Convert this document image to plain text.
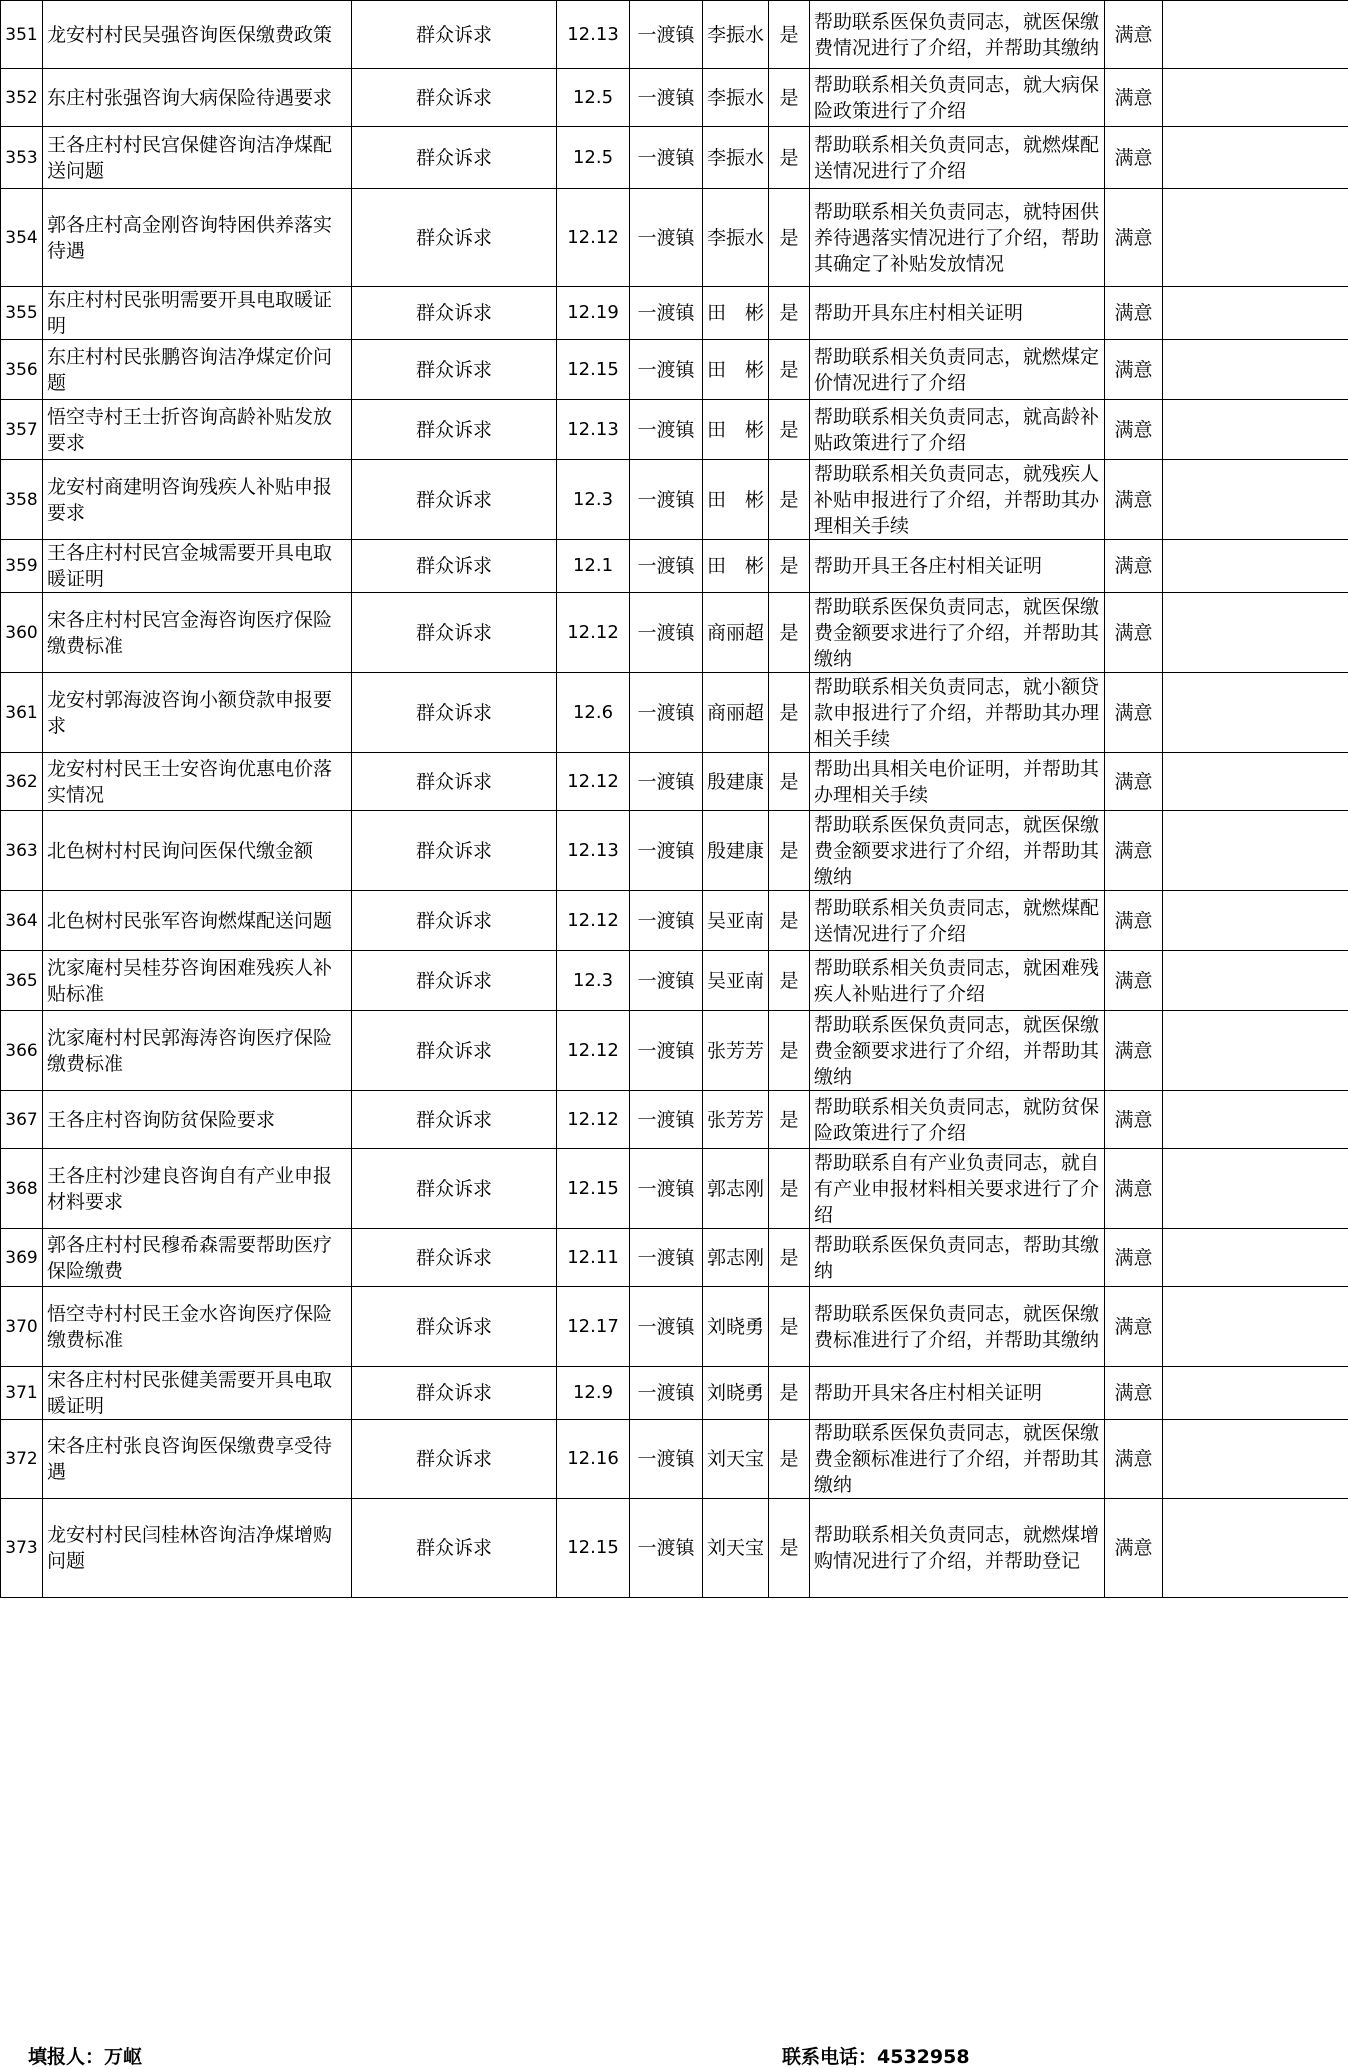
351	龙安村村民吴强咨询医保缴费政策	群众诉求	12.13	一渡镇	李振水	是	帮助联系医保负责同志，就医保缴费情况进行了介绍，并帮助其缴纳	满意	
352	东庄村张强咨询大病保险待遇要求	群众诉求	12.5	一渡镇	李振水	是	帮助联系相关负责同志，就大病保险政策进行了介绍	满意	
353	王各庄村村民宫保健咨询洁净煤配送问题	群众诉求	12.5	一渡镇	李振水	是	帮助联系相关负责同志，就燃煤配送情况进行了介绍	满意	
354	郭各庄村高金刚咨询特困供养落实待遇	群众诉求	12.12	一渡镇	李振水	是	帮助联系相关负责同志，就特困供养待遇落实情况进行了介绍，帮助其确定了补贴发放情况	满意	
355	东庄村村民张明需要开具电取暖证明	群众诉求	12.19	一渡镇	田　彬	是	帮助开具东庄村相关证明	满意	
356	东庄村村民张鹏咨询洁净煤定价问题	群众诉求	12.15	一渡镇	田　彬	是	帮助联系相关负责同志，就燃煤定价情况进行了介绍	满意	
357	悟空寺村王士折咨询高龄补贴发放要求	群众诉求	12.13	一渡镇	田　彬	是	帮助联系相关负责同志，就高龄补贴政策进行了介绍	满意	
358	龙安村商建明咨询残疾人补贴申报要求	群众诉求	12.3	一渡镇	田　彬	是	帮助联系相关负责同志，就残疾人补贴申报进行了介绍，并帮助其办理相关手续	满意	
359	王各庄村村民宫金城需要开具电取暖证明	群众诉求	12.1	一渡镇	田　彬	是	帮助开具王各庄村相关证明	满意	
360	宋各庄村村民宫金海咨询医疗保险缴费标准	群众诉求	12.12	一渡镇	商丽超	是	帮助联系医保负责同志，就医保缴费金额要求进行了介绍，并帮助其缴纳	满意	
361	龙安村郭海波咨询小额贷款申报要求	群众诉求	12.6	一渡镇	商丽超	是	帮助联系相关负责同志，就小额贷款申报进行了介绍，并帮助其办理相关手续	满意	
362	龙安村村民王士安咨询优惠电价落实情况	群众诉求	12.12	一渡镇	殷建康	是	帮助出具相关电价证明，并帮助其办理相关手续	满意	
363	北色树村村民询问医保代缴金额	群众诉求	12.13	一渡镇	殷建康	是	帮助联系医保负责同志，就医保缴费金额要求进行了介绍，并帮助其缴纳	满意	
364	北色树村民张军咨询燃煤配送问题	群众诉求	12.12	一渡镇	吴亚南	是	帮助联系相关负责同志，就燃煤配送情况进行了介绍	满意	
365	沈家庵村吴桂芬咨询困难残疾人补贴标准	群众诉求	12.3	一渡镇	吴亚南	是	帮助联系相关负责同志，就困难残疾人补贴进行了介绍	满意	
366	沈家庵村村民郭海涛咨询医疗保险缴费标准	群众诉求	12.12	一渡镇	张芳芳	是	帮助联系医保负责同志，就医保缴费金额要求进行了介绍，并帮助其缴纳	满意	
367	王各庄村咨询防贫保险要求	群众诉求	12.12	一渡镇	张芳芳	是	帮助联系相关负责同志，就防贫保险政策进行了介绍	满意	
368	王各庄村沙建良咨询自有产业申报材料要求	群众诉求	12.15	一渡镇	郭志刚	是	帮助联系自有产业负责同志，就自有产业申报材料相关要求进行了介绍	满意	
369	郭各庄村村民穆希森需要帮助医疗保险缴费	群众诉求	12.11	一渡镇	郭志刚	是	帮助联系医保负责同志，帮助其缴纳	满意	
370	悟空寺村村民王金水咨询医疗保险缴费标准	群众诉求	12.17	一渡镇	刘晓勇	是	帮助联系医保负责同志，就医保缴费标准进行了介绍，并帮助其缴纳	满意	
371	宋各庄村村民张健美需要开具电取暖证明	群众诉求	12.9	一渡镇	刘晓勇	是	帮助开具宋各庄村相关证明	满意	
372	宋各庄村张良咨询医保缴费享受待遇	群众诉求	12.16	一渡镇	刘天宝	是	帮助联系医保负责同志，就医保缴费金额标准进行了介绍，并帮助其缴纳	满意	
373	龙安村村民闫桂林咨询洁净煤增购问题	群众诉求	12.15	一渡镇	刘天宝	是	帮助联系相关负责同志，就燃煤增购情况进行了介绍，并帮助登记	满意	
填报人：万岖	联系电话：4532958
